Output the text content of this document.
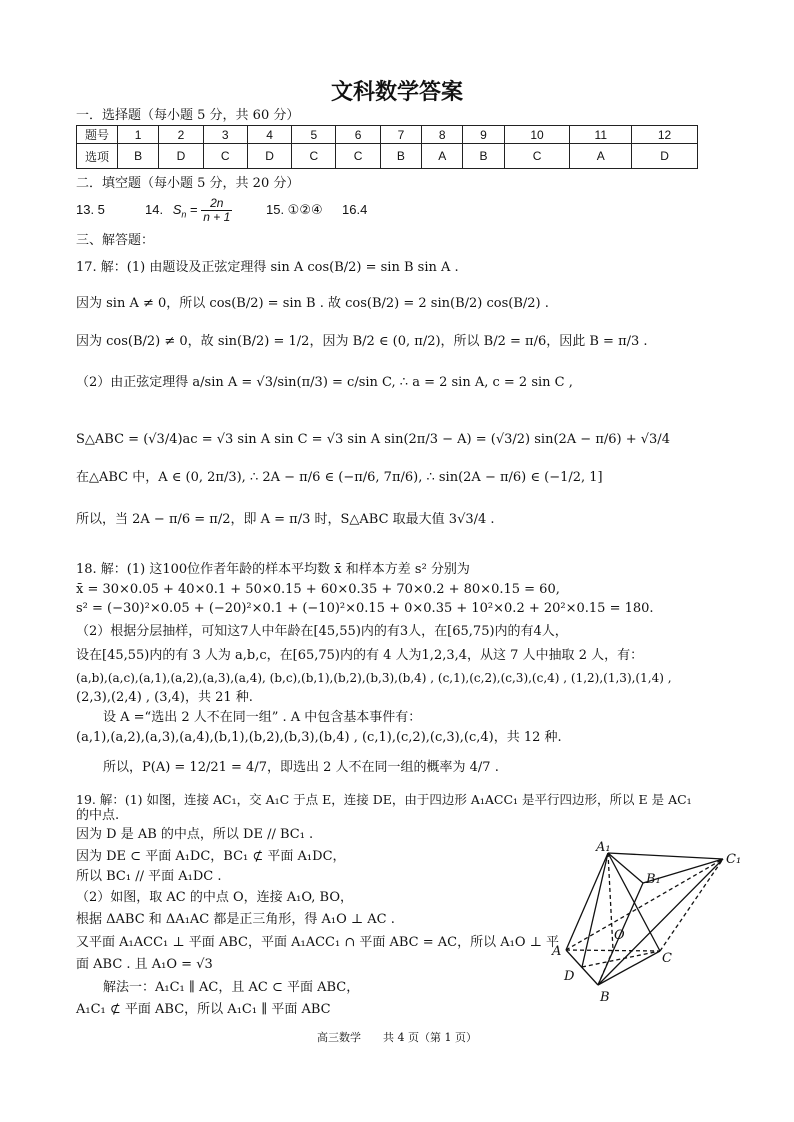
文科数学答案
一．选择题（每小题 5 分，共 60 分）
题号	1	2	3	4	5	6	7	8	9	10	11	12
选项	B	D	C	D	C	C	B	A	B	C	A	D
二．填空题（每小题 5 分，共 20 分）
13. 5	14. $S_n = \frac{2n}{n + 1}$	15. ①②④ 16.4
三、解答题：
17. 解：(1) 由题设及正弦定理得 sin A cos(B/2) = sin B sin A .
因为 sin A ≠ 0，所以 cos(B/2) = sin B . 故 cos(B/2) = 2 sin(B/2) cos(B/2) .
因为 cos(B/2) ≠ 0，故 sin(B/2) = 1/2，因为 B/2 ∈ (0, π/2)，所以 B/2 = π/6，因此 B = π/3 .
（2）由正弦定理得 a/sin A = √3/sin(π/3) = c/sin C, ∴ a = 2 sin A, c = 2 sin C ,
S△ABC = (√3/4)ac = √3 sin A sin C = √3 sin A sin(2π/3 − A) = (√3/2) sin(2A − π/6) + √3/4
在△ABC 中，A ∈ (0, 2π/3), ∴ 2A − π/6 ∈ (−π/6, 7π/6), ∴ sin(2A − π/6) ∈ (−1/2, 1]
所以，当 2A − π/6 = π/2，即 A = π/3 时，S△ABC 取最大值 3√3/4 .
18. 解：(1) 这100位作者年龄的样本平均数 x̄ 和样本方差 s² 分别为
x̄ = 30×0.05 + 40×0.1 + 50×0.15 + 60×0.35 + 70×0.2 + 80×0.15 = 60,
s² = (−30)²×0.05 + (−20)²×0.1 + (−10)²×0.15 + 0×0.35 + 10²×0.2 + 20²×0.15 = 180.
（2）根据分层抽样，可知这7人中年龄在[45,55)内的有3人，在[65,75)内的有4人，
设在[45,55)内的有 3 人为 a,b,c，在[65,75)内的有 4 人为1,2,3,4，从这 7 人中抽取 2 人，有：
(a,b),(a,c),(a,1),(a,2),(a,3),(a,4), (b,c),(b,1),(b,2),(b,3),(b,4) , (c,1),(c,2),(c,3),(c,4) , (1,2),(1,3),(1,4) ,
(2,3),(2,4) , (3,4)，共 21 种.
设 A =“选出 2 人不在同一组” . A 中包含基本事件有：
(a,1),(a,2),(a,3),(a,4),(b,1),(b,2),(b,3),(b,4) , (c,1),(c,2),(c,3),(c,4)，共 12 种.
所以，P(A) = 12/21 = 4/7，即选出 2 人不在同一组的概率为 4/7 .
19. 解：(1) 如图，连接 AC₁，交 A₁C 于点 E，连接 DE，由于四边形 A₁ACC₁ 是平行四边形，所以 E 是 AC₁
的中点.
因为 D 是 AB 的中点，所以 DE // BC₁ .
因为 DE ⊂ 平面 A₁DC，BC₁ ⊄ 平面 A₁DC，
所以 BC₁ // 平面 A₁DC .
（2）如图，取 AC 的中点 O，连接 A₁O, BO，
根据 ΔABC 和 ΔA₁AC 都是正三角形，得 A₁O ⊥ AC .
又平面 A₁ACC₁ ⊥ 平面 ABC，平面 A₁ACC₁ ∩ 平面 ABC = AC，所以 A₁O ⊥ 平
面 ABC . 且 A₁O = √3
解法一：A₁C₁ ∥ AC，且 AC ⊂ 平面 ABC，
A₁C₁ ⊄ 平面 ABC，所以 A₁C₁ ∥ 平面 ABC
A₁
C₁
B₁
O
A	C
D
B
高三数学　　共 4 页（第 1 页）
